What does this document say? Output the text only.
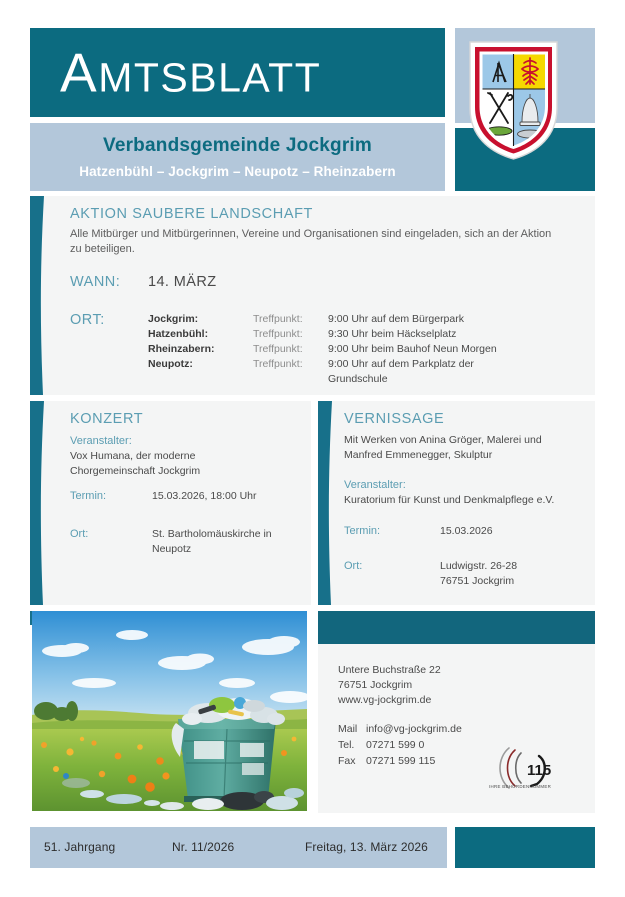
AMTSBLATT
Verbandsgemeinde Jockgrim
Hatzenbühl – Jockgrim – Neupotz – Rheinzabern
AKTION SAUBERE LANDSCHAFT
Alle Mitbürger und Mitbürgerinnen, Vereine und Organisationen sind eingeladen, sich an der Aktion
zu beteiligen.
WANN: 14. MÄRZ
ORT:	Jockgrim:	Treffpunkt:	9:00 Uhr auf dem Bürgerpark
Hatzenbühl:	Treffpunkt:	9:30 Uhr beim Häckselplatz
Rheinzabern:	Treffpunkt:	9:00 Uhr beim Bauhof Neun Morgen
Neupotz:	Treffpunkt:	9:00 Uhr auf dem Parkplatz der
Grundschule
KONZERT
Veranstalter:
Vox Humana, der moderne
Chorgemeinschaft Jockgrim
Termin:	15.03.2026, 18:00 Uhr
Ort:	St. Bartholomäuskirche in
Neupotz
VERNISSAGE
Mit Werken von Anina Gröger, Malerei und
Manfred Emmenegger, Skulptur
Veranstalter:
Kuratorium für Kunst und Denkmalpflege e.V.
Termin:	15.03.2026
Ort:	Ludwigstr. 26-28
76751 Jockgrim
VERBANDSGEMEINDE JOCKGRIM
Untere Buchstraße 22
76751 Jockgrim
www.vg-jockgrim.de
Mail info@vg-jockgrim.de
Tel. 07271 599 0
Fax 07271 599 115
115
IHRE BEHÖRDENNUMMER
51. Jahrgang	Nr. 11/2026	Freitag, 13. März 2026
